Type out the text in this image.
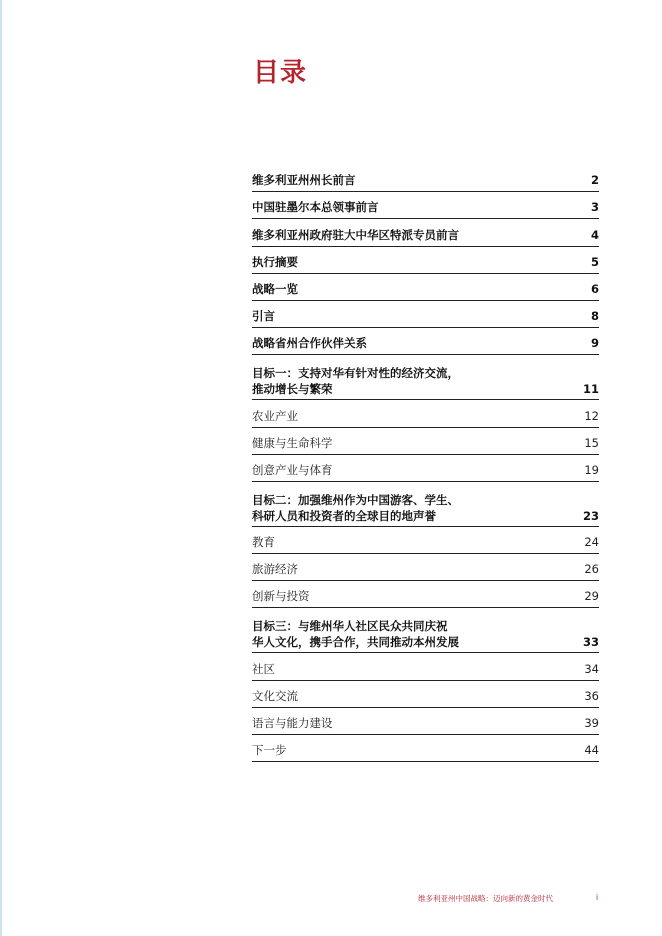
目录
维多利亚州州长前言	2
中国驻墨尔本总领事前言	3
维多利亚州政府驻大中华区特派专员前言	4
执行摘要	5
战略一览	6
引言	8
战略省州合作伙伴关系	9
目标一：支持对华有针对性的经济交流，
推动增长与繁荣	11
农业产业	12
健康与生命科学	15
创意产业与体育	19
目标二：加强维州作为中国游客、学生、
科研人员和投资者的全球目的地声誉	23
教育	24
旅游经济	26
创新与投资	29
目标三：与维州华人社区民众共同庆祝
华人文化，携手合作，共同推动本州发展	33
社区	34
文化交流	36
语言与能力建设	39
下一步	44
维多利亚州中国战略：迈向新的黄金时代	i
